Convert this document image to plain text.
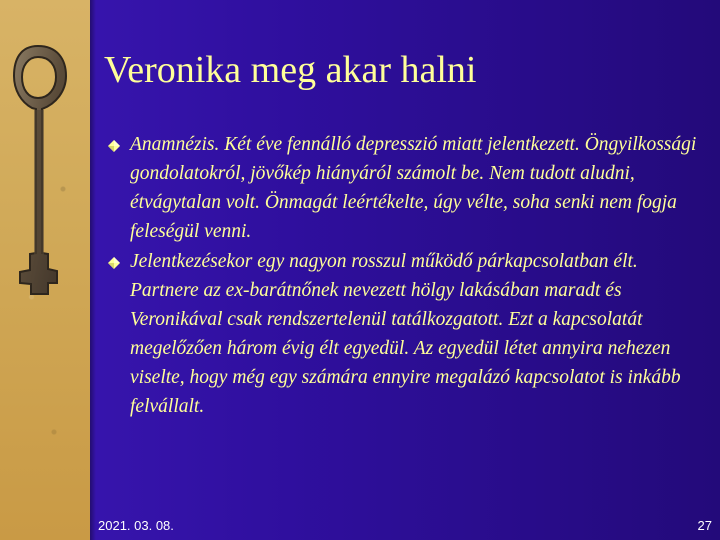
Veronika meg akar halni
Anamnézis. Két éve fennálló depresszió miatt jelentkezett. Öngyilkossági gondolatokról, jövőkép hiányáról számolt be. Nem tudott aludni, étvágytalan volt. Önmagát leértékelte, úgy vélte, soha senki nem fogja feleségül venni.
Jelentkezésekor egy nagyon rosszul működő párkapcsolatban élt. Partnere az ex-barátnőnek nevezett hölgy lakásában maradt és Veronikával csak rendszertelenül tatálkozgatott. Ezt a kapcsolatát megelőzően három évig élt egyedül. Az egyedül létet annyira nehezen viselte, hogy még egy számára ennyire megalázó kapcsolatot is inkább felvállalt.
2021. 03. 08.	27
